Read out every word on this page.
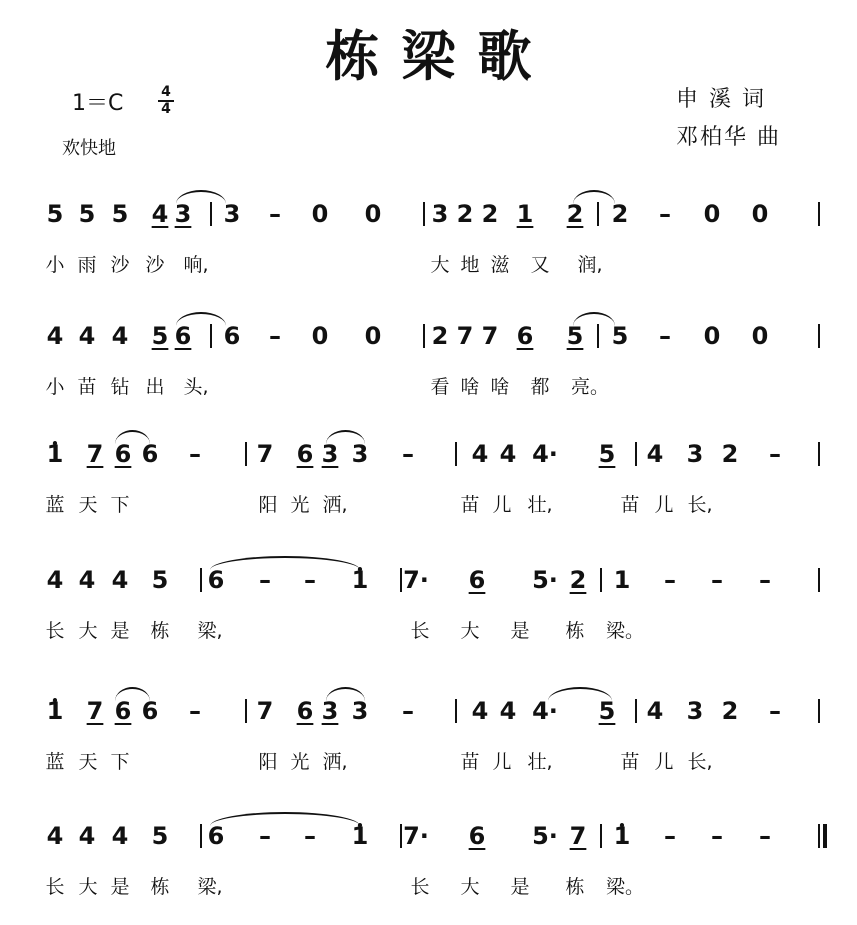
栋梁歌
1＝C	4
4
欢快地
申 溪 词
邓柏华 曲
5 5 5 4 3 3 – 0 0 3 2 2 1 2 2 – 0 0
小 雨 沙 沙 响,	大 地 滋 又 润,
4 4 4 5 6 6 – 0 0 2 7 7 6 5 5 – 0 0
小 苗 钻 出 头,	看 啥 啥 都 亮。
• 1 7 6 6 – 7 6 3 3 – 4 4 4· 5 4 3 2 –
蓝 天 下	阳 光 洒,	苗 儿 壮,	苗 儿 长,
4 4 4 5 6 – – • 1 7· 6 5· 2 1 – – –
长 大 是 栋 梁,	长 大 是 栋 梁。
• 1 7 6 6 – 7 6 3 3 – 4 4 4· 5 4 3 2 –
蓝 天 下	阳 光 洒,	苗 儿 壮,	苗 儿 长,
4 4 4 5 6 – – • 1 7· 6 5· 7 • 1 – – –
长 大 是 栋 梁,	长 大 是 栋 梁。
